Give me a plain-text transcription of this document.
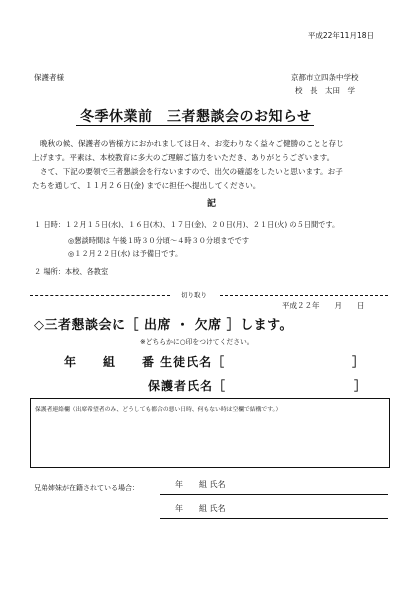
平成22年11月18日
保護者様	京都市立四条中学校
校　長　太田　学
冬季休業前　三者懇談会のお知らせ
晩秋の候、保護者の皆様方におかれましては日々、お変わりなく益々ご健勝のことと存じ
上げます。平素は、本校教育に多大のご理解ご協力をいただき、ありがとうございます。
さて、下記の要領で三者懇談会を行ないますので、出欠の確認をしたいと思います。お子
たちを通して、１１月２６日(金) までに担任へ提出してください。
記
１ 日時：１２月１５日(水)、１６日(木)、１７日(金)、２０日(月)、２１日(火) の５日間です。
◎懇談時間は 午後１時３０分頃～４時３０分頃までです
◎１２月２２日(水) は予備日です。
２ 場所：本校、各教室
切り取り
平成２２年　　月　　日
◇三者懇談会に［ 出席 ・ 欠席 ］します。
※どちらかに○印をつけてください。
年　　組　　番 生徒氏名［	］
保護者氏名［	］
保護者連絡欄（出席希望者のみ、どうしても都合の悪い日時、何もない時は空欄で結構です。）
兄弟姉妹が在籍されている場合：	年　　組 氏名
年　　組 氏名
